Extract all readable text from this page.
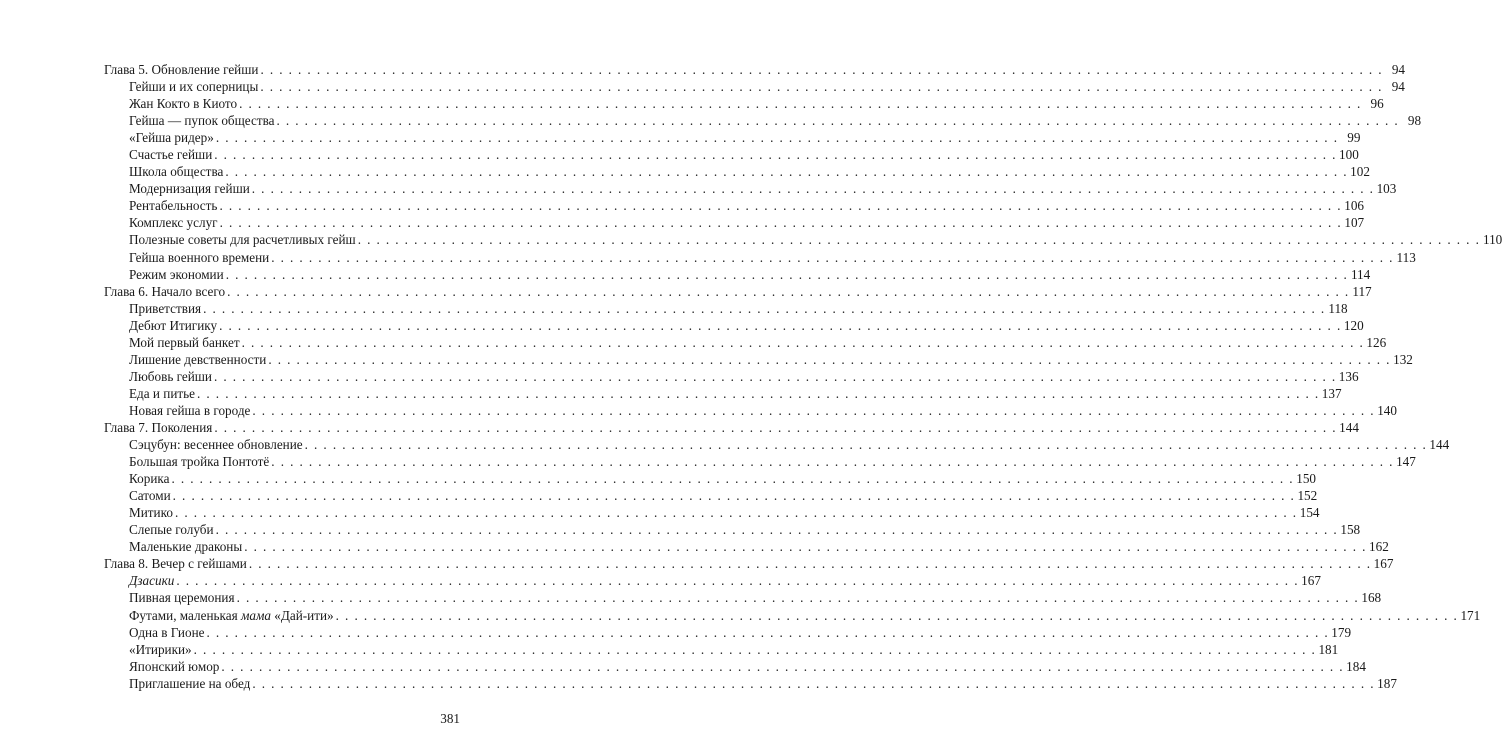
Глава 5. Обновление гейши . . . . . . . . . . . . . . . . . . . . . . . . . . . . . . . . . . . . . . . . . . . . . . . . . . . . . . . . . . . . . . . . . . . . . . . . . . . . . . . . . . . . . . . . . . . . . . . . . . . . . . . . . . . . . . . . . . . . . . . . 94
Гейши и их соперницы . . . . . . . . . . . . . . . . . . . . . . . . . . . . . . . . . . . . . . . . . . . . . . . . . . . . . . . . . . . . . . . . . . . . . . . . . . . . . . . . . . . . . . . . . . . . . . . . . . . . . . . . . . . . . . . . . . . . . . . . 94
Жан Кокто в Киото . . . . . . . . . . . . . . . . . . . . . . . . . . . . . . . . . . . . . . . . . . . . . . . . . . . . . . . . . . . . . . . . . . . . . . . . . . . . . . . . . . . . . . . . . . . . . . . . . . . . . . . . . . . . . . . . . . . . . . . . 96
Гейша — пупок общества . . . . . . . . . . . . . . . . . . . . . . . . . . . . . . . . . . . . . . . . . . . . . . . . . . . . . . . . . . . . . . . . . . . . . . . . . . . . . . . . . . . . . . . . . . . . . . . . . . . . . . . . . . . . . . . . . . . . . . . . 98
«Гейша ридер» . . . . . . . . . . . . . . . . . . . . . . . . . . . . . . . . . . . . . . . . . . . . . . . . . . . . . . . . . . . . . . . . . . . . . . . . . . . . . . . . . . . . . . . . . . . . . . . . . . . . . . . . . . . . . . . . . . . . . . . . 99
Счастье гейши . . . . . . . . . . . . . . . . . . . . . . . . . . . . . . . . . . . . . . . . . . . . . . . . . . . . . . . . . . . . . . . . . . . . . . . . . . . . . . . . . . . . . . . . . . . . . . . . . . . . . . . . . . . . . . . . . . . . . . . . 100
Школа общества . . . . . . . . . . . . . . . . . . . . . . . . . . . . . . . . . . . . . . . . . . . . . . . . . . . . . . . . . . . . . . . . . . . . . . . . . . . . . . . . . . . . . . . . . . . . . . . . . . . . . . . . . . . . . . . . . . . . . . . . 102
Модернизация гейши . . . . . . . . . . . . . . . . . . . . . . . . . . . . . . . . . . . . . . . . . . . . . . . . . . . . . . . . . . . . . . . . . . . . . . . . . . . . . . . . . . . . . . . . . . . . . . . . . . . . . . . . . . . . . . . . . . . . . . . . 103
Рентабельность . . . . . . . . . . . . . . . . . . . . . . . . . . . . . . . . . . . . . . . . . . . . . . . . . . . . . . . . . . . . . . . . . . . . . . . . . . . . . . . . . . . . . . . . . . . . . . . . . . . . . . . . . . . . . . . . . . . . . . . . 106
Комплекс услуг . . . . . . . . . . . . . . . . . . . . . . . . . . . . . . . . . . . . . . . . . . . . . . . . . . . . . . . . . . . . . . . . . . . . . . . . . . . . . . . . . . . . . . . . . . . . . . . . . . . . . . . . . . . . . . . . . . . . . . . . 107
Полезные советы для расчетливых гейш . . . . . . . . . . . . . . . . . . . . . . . . . . . . . . . . . . . . . . . . . . . . . . . . . . . . . . . . . . . . . . . . . . . . . . . . . . . . . . . . . . . . . . . . . . . . . . . . . . . . . . . . . . . . . . . . . . . . . . . . 110
Гейша военного времени . . . . . . . . . . . . . . . . . . . . . . . . . . . . . . . . . . . . . . . . . . . . . . . . . . . . . . . . . . . . . . . . . . . . . . . . . . . . . . . . . . . . . . . . . . . . . . . . . . . . . . . . . . . . . . . . . . . . . . . . 113
Режим экономии . . . . . . . . . . . . . . . . . . . . . . . . . . . . . . . . . . . . . . . . . . . . . . . . . . . . . . . . . . . . . . . . . . . . . . . . . . . . . . . . . . . . . . . . . . . . . . . . . . . . . . . . . . . . . . . . . . . . . . . . 114
Глава 6. Начало всего . . . . . . . . . . . . . . . . . . . . . . . . . . . . . . . . . . . . . . . . . . . . . . . . . . . . . . . . . . . . . . . . . . . . . . . . . . . . . . . . . . . . . . . . . . . . . . . . . . . . . . . . . . . . . . . . . . . . . . . . 117
Приветствия . . . . . . . . . . . . . . . . . . . . . . . . . . . . . . . . . . . . . . . . . . . . . . . . . . . . . . . . . . . . . . . . . . . . . . . . . . . . . . . . . . . . . . . . . . . . . . . . . . . . . . . . . . . . . . . . . . . . . . . . 118
Дебют Итигику . . . . . . . . . . . . . . . . . . . . . . . . . . . . . . . . . . . . . . . . . . . . . . . . . . . . . . . . . . . . . . . . . . . . . . . . . . . . . . . . . . . . . . . . . . . . . . . . . . . . . . . . . . . . . . . . . . . . . . . . 120
Мой первый банкет . . . . . . . . . . . . . . . . . . . . . . . . . . . . . . . . . . . . . . . . . . . . . . . . . . . . . . . . . . . . . . . . . . . . . . . . . . . . . . . . . . . . . . . . . . . . . . . . . . . . . . . . . . . . . . . . . . . . . . . . 126
Лишение девственности . . . . . . . . . . . . . . . . . . . . . . . . . . . . . . . . . . . . . . . . . . . . . . . . . . . . . . . . . . . . . . . . . . . . . . . . . . . . . . . . . . . . . . . . . . . . . . . . . . . . . . . . . . . . . . . . . . . . . . . . 132
Любовь гейши . . . . . . . . . . . . . . . . . . . . . . . . . . . . . . . . . . . . . . . . . . . . . . . . . . . . . . . . . . . . . . . . . . . . . . . . . . . . . . . . . . . . . . . . . . . . . . . . . . . . . . . . . . . . . . . . . . . . . . . . 136
Еда и питье . . . . . . . . . . . . . . . . . . . . . . . . . . . . . . . . . . . . . . . . . . . . . . . . . . . . . . . . . . . . . . . . . . . . . . . . . . . . . . . . . . . . . . . . . . . . . . . . . . . . . . . . . . . . . . . . . . . . . . . . 137
Новая гейша в городе . . . . . . . . . . . . . . . . . . . . . . . . . . . . . . . . . . . . . . . . . . . . . . . . . . . . . . . . . . . . . . . . . . . . . . . . . . . . . . . . . . . . . . . . . . . . . . . . . . . . . . . . . . . . . . . . . . . . . . . . 140
Глава 7. Поколения . . . . . . . . . . . . . . . . . . . . . . . . . . . . . . . . . . . . . . . . . . . . . . . . . . . . . . . . . . . . . . . . . . . . . . . . . . . . . . . . . . . . . . . . . . . . . . . . . . . . . . . . . . . . . . . . . . . . . . . . 144
Сэцубун: весеннее обновление . . . . . . . . . . . . . . . . . . . . . . . . . . . . . . . . . . . . . . . . . . . . . . . . . . . . . . . . . . . . . . . . . . . . . . . . . . . . . . . . . . . . . . . . . . . . . . . . . . . . . . . . . . . . . . . . . . . . . . . . 144
Большая тройка Понтотё . . . . . . . . . . . . . . . . . . . . . . . . . . . . . . . . . . . . . . . . . . . . . . . . . . . . . . . . . . . . . . . . . . . . . . . . . . . . . . . . . . . . . . . . . . . . . . . . . . . . . . . . . . . . . . . . . . . . . . . . 147
Корика . . . . . . . . . . . . . . . . . . . . . . . . . . . . . . . . . . . . . . . . . . . . . . . . . . . . . . . . . . . . . . . . . . . . . . . . . . . . . . . . . . . . . . . . . . . . . . . . . . . . . . . . . . . . . . . . . . . . . . . . 150
Сатоми . . . . . . . . . . . . . . . . . . . . . . . . . . . . . . . . . . . . . . . . . . . . . . . . . . . . . . . . . . . . . . . . . . . . . . . . . . . . . . . . . . . . . . . . . . . . . . . . . . . . . . . . . . . . . . . . . . . . . . . . 152
Митико . . . . . . . . . . . . . . . . . . . . . . . . . . . . . . . . . . . . . . . . . . . . . . . . . . . . . . . . . . . . . . . . . . . . . . . . . . . . . . . . . . . . . . . . . . . . . . . . . . . . . . . . . . . . . . . . . . . . . . . . 154
Слепые голуби . . . . . . . . . . . . . . . . . . . . . . . . . . . . . . . . . . . . . . . . . . . . . . . . . . . . . . . . . . . . . . . . . . . . . . . . . . . . . . . . . . . . . . . . . . . . . . . . . . . . . . . . . . . . . . . . . . . . . . . . 158
Маленькие драконы . . . . . . . . . . . . . . . . . . . . . . . . . . . . . . . . . . . . . . . . . . . . . . . . . . . . . . . . . . . . . . . . . . . . . . . . . . . . . . . . . . . . . . . . . . . . . . . . . . . . . . . . . . . . . . . . . . . . . . . . 162
Глава 8. Вечер с гейшами . . . . . . . . . . . . . . . . . . . . . . . . . . . . . . . . . . . . . . . . . . . . . . . . . . . . . . . . . . . . . . . . . . . . . . . . . . . . . . . . . . . . . . . . . . . . . . . . . . . . . . . . . . . . . . . . . . . . . . . . 167
Дзасики . . . . . . . . . . . . . . . . . . . . . . . . . . . . . . . . . . . . . . . . . . . . . . . . . . . . . . . . . . . . . . . . . . . . . . . . . . . . . . . . . . . . . . . . . . . . . . . . . . . . . . . . . . . . . . . . . . . . . . . . 167
Пивная церемония . . . . . . . . . . . . . . . . . . . . . . . . . . . . . . . . . . . . . . . . . . . . . . . . . . . . . . . . . . . . . . . . . . . . . . . . . . . . . . . . . . . . . . . . . . . . . . . . . . . . . . . . . . . . . . . . . . . . . . . . 168
Футами, маленькая мама «Дай-ити» . . . . . . . . . . . . . . . . . . . . . . . . . . . . . . . . . . . . . . . . . . . . . . . . . . . . . . . . . . . . . . . . . . . . . . . . . . . . . . . . . . . . . . . . . . . . . . . . . . . . . . . . . . . . . . . . . . . . . . . . 171
Одна в Гионе . . . . . . . . . . . . . . . . . . . . . . . . . . . . . . . . . . . . . . . . . . . . . . . . . . . . . . . . . . . . . . . . . . . . . . . . . . . . . . . . . . . . . . . . . . . . . . . . . . . . . . . . . . . . . . . . . . . . . . . . 179
«Итирики» . . . . . . . . . . . . . . . . . . . . . . . . . . . . . . . . . . . . . . . . . . . . . . . . . . . . . . . . . . . . . . . . . . . . . . . . . . . . . . . . . . . . . . . . . . . . . . . . . . . . . . . . . . . . . . . . . . . . . . . . 181
Японский юмор . . . . . . . . . . . . . . . . . . . . . . . . . . . . . . . . . . . . . . . . . . . . . . . . . . . . . . . . . . . . . . . . . . . . . . . . . . . . . . . . . . . . . . . . . . . . . . . . . . . . . . . . . . . . . . . . . . . . . . . . 184
Приглашение на обед . . . . . . . . . . . . . . . . . . . . . . . . . . . . . . . . . . . . . . . . . . . . . . . . . . . . . . . . . . . . . . . . . . . . . . . . . . . . . . . . . . . . . . . . . . . . . . . . . . . . . . . . . . . . . . . . . . . . . . . . 187
381
